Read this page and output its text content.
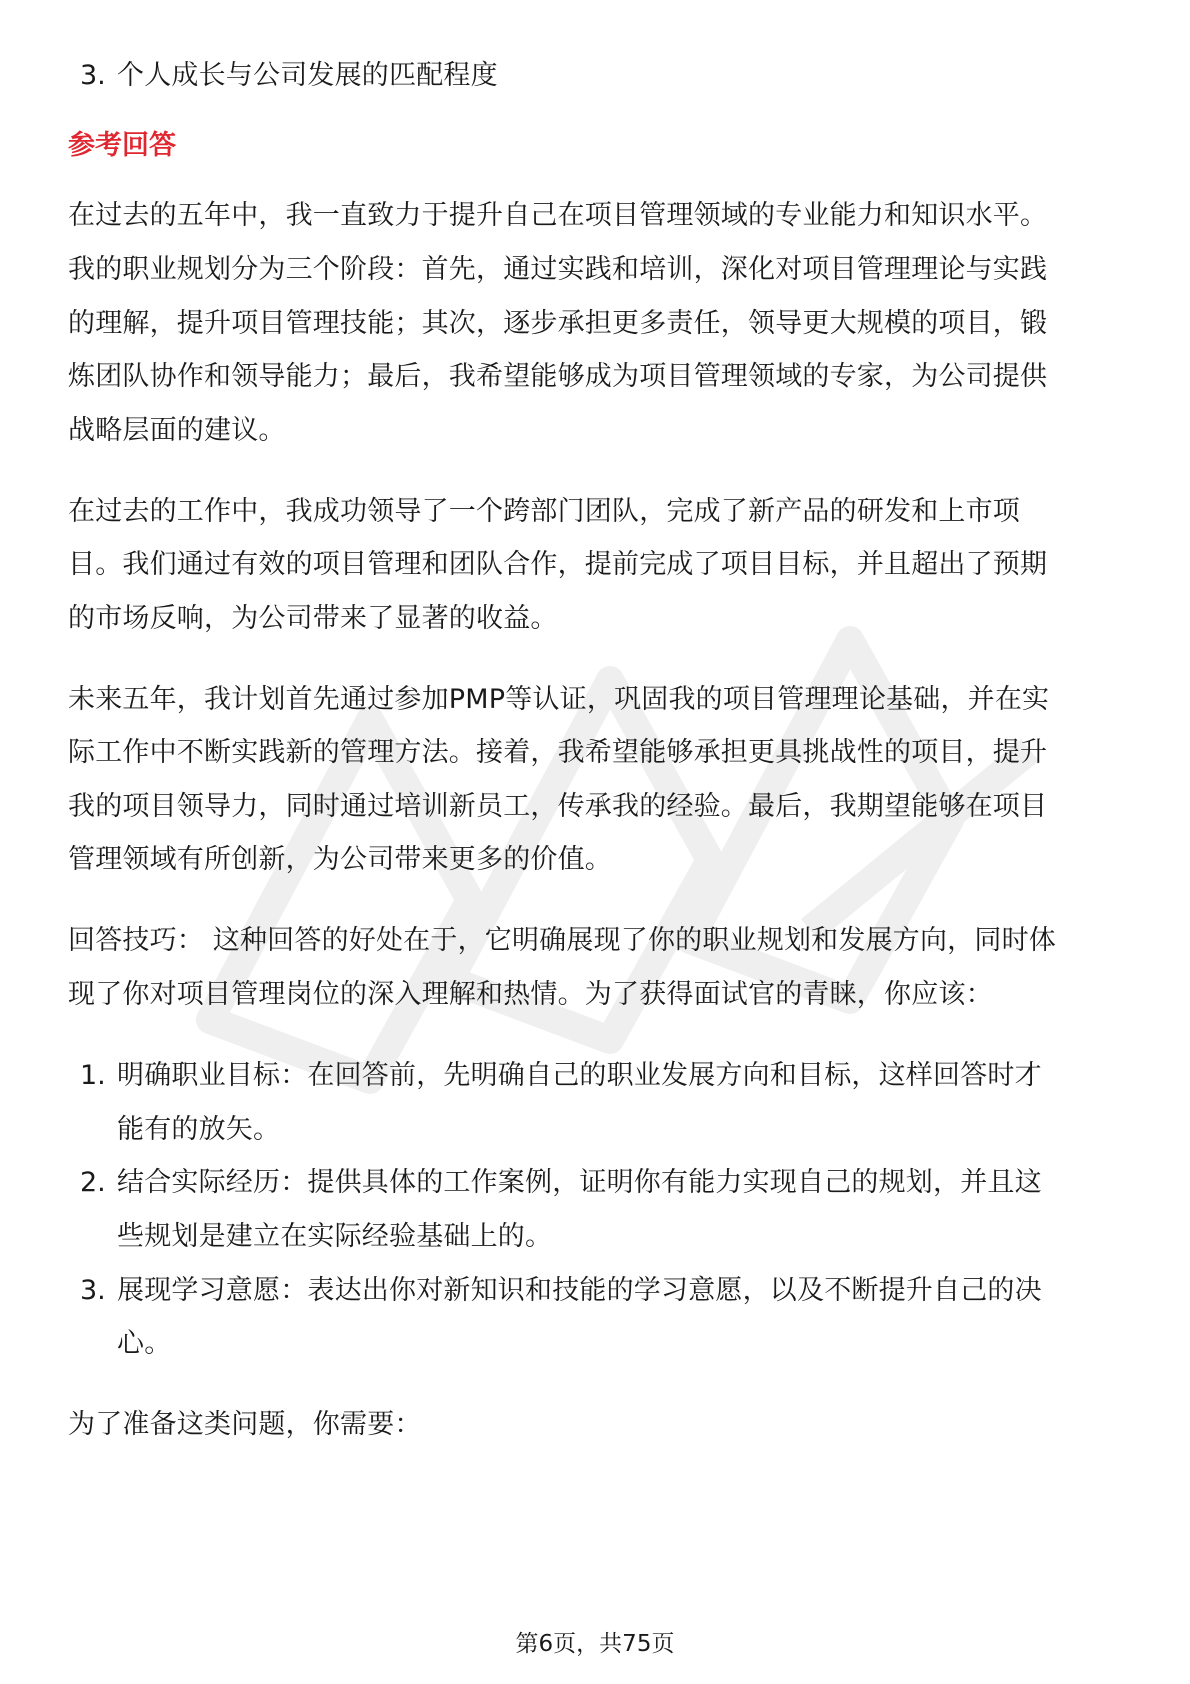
3. 个人成长与公司发展的匹配程度
参考回答
在过去的五年中，我一直致力于提升自己在项目管理领域的专业能力和知识水平。
我的职业规划分为三个阶段：首先，通过实践和培训，深化对项目管理理论与实践
的理解，提升项目管理技能；其次，逐步承担更多责任，领导更大规模的项目，锻
炼团队协作和领导能力；最后，我希望能够成为项目管理领域的专家，为公司提供
战略层面的建议。
在过去的工作中，我成功领导了一个跨部门团队，完成了新产品的研发和上市项
目。我们通过有效的项目管理和团队合作，提前完成了项目目标，并且超出了预期
的市场反响，为公司带来了显著的收益。
未来五年，我计划首先通过参加PMP等认证，巩固我的项目管理理论基础，并在实
际工作中不断实践新的管理方法。接着，我希望能够承担更具挑战性的项目，提升
我的项目领导力，同时通过培训新员工，传承我的经验。最后，我期望能够在项目
管理领域有所创新，为公司带来更多的价值。
回答技巧： 这种回答的好处在于，它明确展现了你的职业规划和发展方向，同时体
现了你对项目管理岗位的深入理解和热情。为了获得面试官的青睐，你应该：
1. 明确职业目标：在回答前，先明确自己的职业发展方向和目标，这样回答时才
能有的放矢。
2. 结合实际经历：提供具体的工作案例，证明你有能力实现自己的规划，并且这
些规划是建立在实际经验基础上的。
3. 展现学习意愿：表达出你对新知识和技能的学习意愿，以及不断提升自己的决
心。
为了准备这类问题，你需要：
第6页，共75页
